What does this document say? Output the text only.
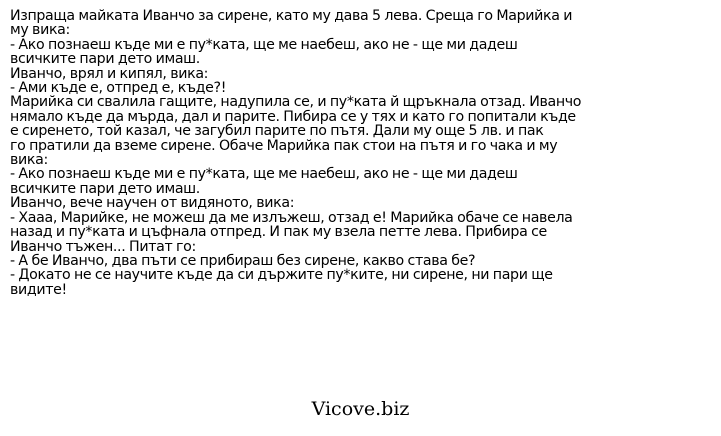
Изпраща майката Иванчо за сирене, като му дава 5 лева. Среща го Марийка и
му вика:
- Ако познаеш къде ми е пу*ката, ще ме наебеш, ако не - ще ми дадеш
всичките пари дето имаш.
Иванчо, врял и кипял, вика:
- Ами къде е, отпред е, къде?!
Марийка си свалила гащите, надупила се, и пу*ката й щръкнала отзад. Иванчо
нямало къде да мърда, дал и парите. Пибира се у тях и като го попитали къде
е сиренето, той казал, че загубил парите по пътя. Дали му още 5 лв. и пак
го пратили да вземе сирене. Обаче Марийка пак стои на пътя и го чака и му
вика:
- Ако познаеш къде ми е пу*ката, ще ме наебеш, ако не - ще ми дадеш
всичките пари дето имаш.
Иванчо, вече научен от видяното, вика:
- Хааа, Марийке, не можеш да ме излъжеш, отзад е! Марийка обаче се навела
назад и пу*ката и цъфнала отпред. И пак му взела петте лева. Прибира се
Иванчо тъжен... Питат го:
- А бе Иванчо, два пъти се прибираш без сирене, какво става бе?
- Докато не се научите къде да си държите пу*ките, ни сирене, ни пари ще
видите!
Vicove.biz
